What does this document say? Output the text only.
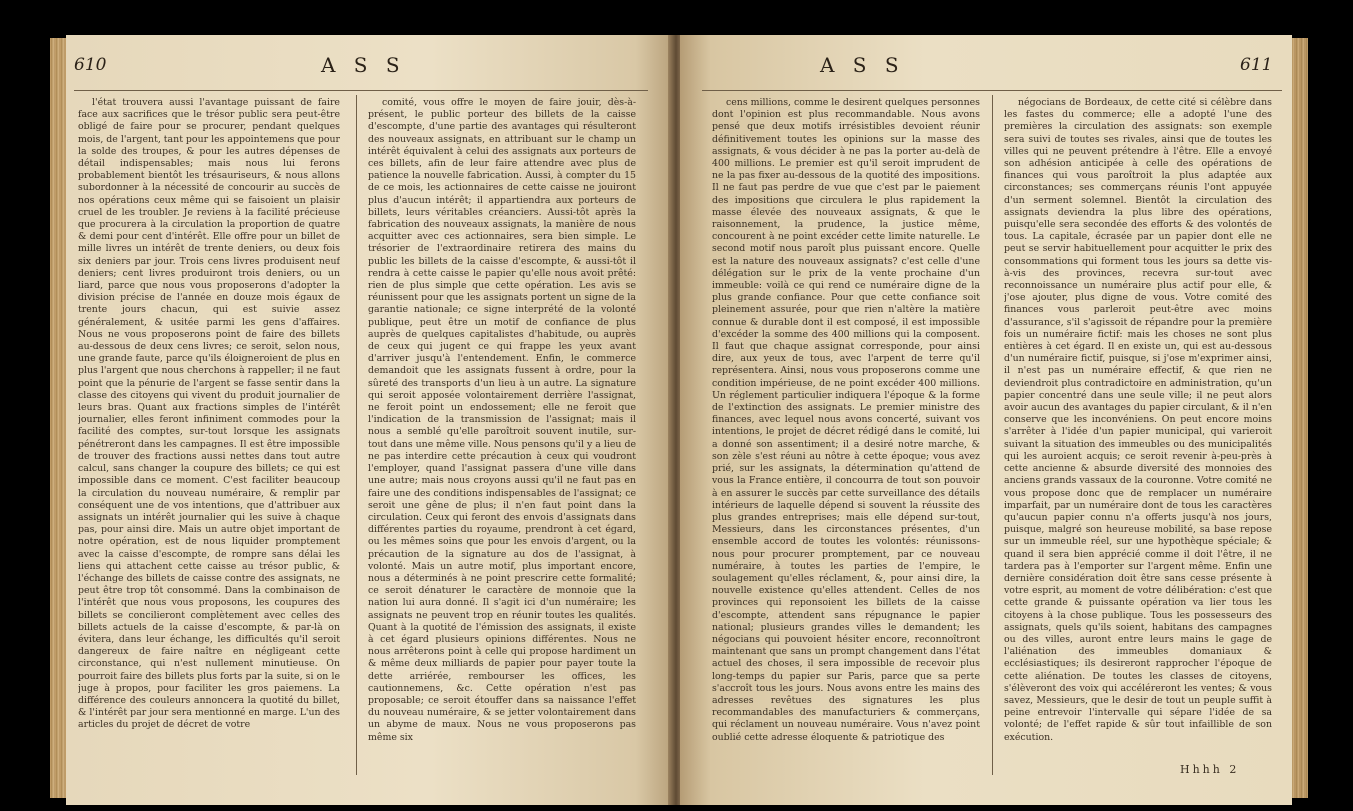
610	A S S

l'état trouvera aussi l'avantage puissant de faire face aux sacrifices que le trésor public sera peut-être obligé de faire pour se procurer, pendant quelques mois, de l'argent, tant pour les appointemens que pour la solde des troupes, & pour les autres dépenses de détail indispensables; mais nous lui ferons probablement bientôt les trésauriseurs, & nous allons subordonner à la nécessité de concourir au succès de nos opérations ceux même qui se faisoient un plaisir cruel de les troubler. Je reviens à la facilité précieuse que procurera à la circulation la proportion de quatre & demi pour cent d'intérêt. Elle offre pour un billet de mille livres un intérêt de trente deniers, ou deux fois six deniers par jour. Trois cens livres produisent neuf deniers; cent livres produiront trois deniers, ou un liard, parce que nous vous proposerons d'adopter la division précise de l'année en douze mois égaux de trente jours chacun, qui est suivie assez généralement, & usitée parmi les gens d'affaires. Nous ne vous proposerons point de faire des billets au-dessous de deux cens livres; ce seroit, selon nous, une grande faute, parce qu'ils éloigneroient de plus en plus l'argent que nous cherchons à rappeller; il ne faut point que la pénurie de l'argent se fasse sentir dans la classe des citoyens qui vivent du produit journalier de leurs bras. Quant aux fractions simples de l'intérêt journalier, elles feront infiniment commodes pour la facilité des comptes, sur-tout lorsque les assignats pénétreront dans les campagnes. Il est être impossible de trouver des fractions aussi nettes dans tout autre calcul, sans changer la coupure des billets; ce qui est impossible dans ce moment. C'est faciliter beaucoup la circulation du nouveau numéraire, & remplir par conséquent une de vos intentions, que d'attribuer aux assignats un intérêt journalier qui les suive à chaque pas, pour ainsi dire. Mais un autre objet important de notre opération, est de nous liquider promptement avec la caisse d'escompte, de rompre sans délai les liens qui attachent cette caisse au trésor public, & l'échange des billets de caisse contre des assignats, ne peut être trop tôt consommé. Dans la combinaison de l'intérêt que nous vous proposons, les coupures des billets se concilieront complètement avec celles des billets actuels de la caisse d'escompte, & par-là on évitera, dans leur échange, les difficultés qu'il seroit dangereux de faire naître en négligeant cette circonstance, qui n'est nullement minutieuse. On pourroit faire des billets plus forts par la suite, si on le juge à propos, pour faciliter les gros paiemens. La différence des couleurs annoncera la quotité du billet, & l'intérêt par jour sera mentionné en marge. L'un des articles du projet de décret de votre

comité, vous offre le moyen de faire jouir, dès-à-présent, le public porteur des billets de la caisse d'escompte, d'une partie des avantages qui résulteront des nouveaux assignats, en attribuant sur le champ un intérêt équivalent à celui des assignats aux porteurs de ces billets, afin de leur faire attendre avec plus de patience la nouvelle fabrication. Aussi, à compter du 15 de ce mois, les actionnaires de cette caisse ne jouiront plus d'aucun intérêt; il appartiendra aux porteurs de billets, leurs véritables créanciers. Aussi-tôt après la fabrication des nouveaux assignats, la manière de nous acquitter avec ces actionnaires, sera bien simple. Le trésorier de l'extraordinaire retirera des mains du public les billets de la caisse d'escompte, & aussi-tôt il rendra à cette caisse le papier qu'elle nous avoit prêté: rien de plus simple que cette opération. Les avis se réunissent pour que les assignats portent un signe de la garantie nationale; ce signe interprété de la volonté publique, peut être un motif de confiance de plus auprès de quelques capitalistes d'habitude, ou auprès de ceux qui jugent ce qui frappe les yeux avant d'arriver jusqu'à l'entendement. Enfin, le commerce demandoit que les assignats fussent à ordre, pour la sûreté des transports d'un lieu à un autre. La signature qui seroit apposée volontairement derrière l'assignat, ne feroit point un endossement; elle ne feroit que l'indication de la transmission de l'assignat; mais il nous a semblé qu'elle paroîtroit souvent inutile, sur-tout dans une même ville. Nous pensons qu'il y a lieu de ne pas interdire cette précaution à ceux qui voudront l'employer, quand l'assignat passera d'une ville dans une autre; mais nous croyons aussi qu'il ne faut pas en faire une des conditions indispensables de l'assignat; ce seroit une gêne de plus; il n'en faut point dans la circulation. Ceux qui feront des envois d'assignats dans différentes parties du royaume, prendront à cet égard, ou les mêmes soins que pour les envois d'argent, ou la précaution de la signature au dos de l'assignat, à volonté. Mais un autre motif, plus important encore, nous a déterminés à ne point prescrire cette formalité; ce seroit dénaturer le caractère de monnoie que la nation lui aura donné. Il s'agit ici d'un numéraire; les assignats ne peuvent trop en réunir toutes les qualités. Quant à la quotité de l'émission des assignats, il existe à cet égard plusieurs opinions différentes. Nous ne nous arrêterons point à celle qui propose hardiment un & même deux milliards de papier pour payer toute la dette arriérée, rembourser les offices, les cautionnemens, &c. Cette opération n'est pas proposable; ce seroit étouffer dans sa naissance l'effet du nouveau numéraire, & se jetter volontairement dans un abyme de maux. Nous ne vous proposerons pas même six

A S S	611

cens millions, comme le desirent quelques personnes dont l'opinion est plus recommandable. Nous avons pensé que deux motifs irrésistibles devoient réunir définitivement toutes les opinions sur la masse des assignats, & vous décider à ne pas la porter au-delà de 400 millions. Le premier est qu'il seroit imprudent de ne la pas fixer au-dessous de la quotité des impositions. Il ne faut pas perdre de vue que c'est par le paiement des impositions que circulera le plus rapidement la masse élevée des nouveaux assignats, & que le raisonnement, la prudence, la justice même, concourent à ne point excéder cette limite naturelle. Le second motif nous paroît plus puissant encore. Quelle est la nature des nouveaux assignats? c'est celle d'une délégation sur le prix de la vente prochaine d'un immeuble: voilà ce qui rend ce numéraire digne de la plus grande confiance. Pour que cette confiance soit pleinement assurée, pour que rien n'altère la matière connue & durable dont il est composé, il est impossible d'excéder la somme des 400 millions qui la composent. Il faut que chaque assignat corresponde, pour ainsi dire, aux yeux de tous, avec l'arpent de terre qu'il représentera. Ainsi, nous vous proposerons comme une condition impérieuse, de ne point excéder 400 millions. Un réglement particulier indiquera l'époque & la forme de l'extinction des assignats. Le premier ministre des finances, avec lequel nous avons concerté, suivant vos intentions, le projet de décret rédigé dans le comité, lui a donné son assentiment; il a desiré notre marche, & son zèle s'est réuni au nôtre à cette époque; vous avez prié, sur les assignats, la détermination qu'attend de vous la France entière, il concourra de tout son pouvoir à en assurer le succès par cette surveillance des détails intérieurs de laquelle dépend si souvent la réussite des plus grandes entreprises; mais elle dépend sur-tout, Messieurs, dans les circonstances présentes, d'un ensemble accord de toutes les volontés: réunissons-nous pour procurer promptement, par ce nouveau numéraire, à toutes les parties de l'empire, le soulagement qu'elles réclament, &, pour ainsi dire, la nouvelle existence qu'elles attendent. Celles de nos provinces qui reponsoient les billets de la caisse d'escompte, attendent sans répugnance le papier national; plusieurs grandes villes le demandent; les négocians qui pouvoient hésiter encore, reconnoîtront maintenant que sans un prompt changement dans l'état actuel des choses, il sera impossible de recevoir plus long-temps du papier sur Paris, parce que sa perte s'accroît tous les jours. Nous avons entre les mains des adresses revêtues des signatures les plus recommandables des manufacturiers & commerçans, qui réclament un nouveau numéraire. Vous n'avez point oublié cette adresse éloquente & patriotique des

négocians de Bordeaux, de cette cité si célèbre dans les fastes du commerce; elle a adopté l'une des premières la circulation des assignats: son exemple sera suivi de toutes ses rivales, ainsi que de toutes les villes qui ne peuvent prétendre à l'être. Elle a envoyé son adhésion anticipée à celle des opérations de finances qui vous paroîtroit la plus adaptée aux circonstances; ses commerçans réunis l'ont appuyée d'un serment solemnel. Bientôt la circulation des assignats deviendra la plus libre des opérations, puisqu'elle sera secondée des efforts & des volontés de tous. La capitale, écrasée par un papier dont elle ne peut se servir habituellement pour acquitter le prix des consommations qui forment tous les jours sa dette vis-à-vis des provinces, recevra sur-tout avec reconnoissance un numéraire plus actif pour elle, & j'ose ajouter, plus digne de vous. Votre comité des finances vous parleroit peut-être avec moins d'assurance, s'il s'agissoit de répandre pour la première fois un numéraire fictif: mais les choses ne sont plus entières à cet égard. Il en existe un, qui est au-dessous d'un numéraire fictif, puisque, si j'ose m'exprimer ainsi, il n'est pas un numéraire effectif, & que rien ne deviendroit plus contradictoire en administration, qu'un papier concentré dans une seule ville; il ne peut alors avoir aucun des avantages du papier circulant, & il n'en conserve que les inconvéniens. On peut encore moins s'arrêter à l'idée d'un papier municipal, qui varieroit suivant la situation des immeubles ou des municipalités qui les auroient acquis; ce seroit revenir à-peu-près à cette ancienne & absurde diversité des monnoies des anciens grands vassaux de la couronne. Votre comité ne vous propose donc que de remplacer un numéraire imparfait, par un numéraire dont de tous les caractères qu'aucun papier connu n'a offerts jusqu'à nos jours, puisque, malgré son heureuse mobilité, sa base repose sur un immeuble réel, sur une hypothèque spéciale; & quand il sera bien apprécié comme il doit l'être, il ne tardera pas à l'emporter sur l'argent même. Enfin une dernière considération doit être sans cesse présente à votre esprit, au moment de votre délibération: c'est que cette grande & puissante opération va lier tous les citoyens à la chose publique. Tous les possesseurs des assignats, quels qu'ils soient, habitans des campagnes ou des villes, auront entre leurs mains le gage de l'aliénation des immeubles domaniaux & ecclésiastiques; ils desireront rapprocher l'époque de cette aliénation. De toutes les classes de citoyens, s'élèveront des voix qui accéléreront les ventes; & vous savez, Messieurs, que le desir de tout un peuple suffit à peine entrevoir l'intervalle qui sépare l'idée de sa volonté; de l'effet rapide & sûr tout infaillible de son exécution.

Hhhh 2
